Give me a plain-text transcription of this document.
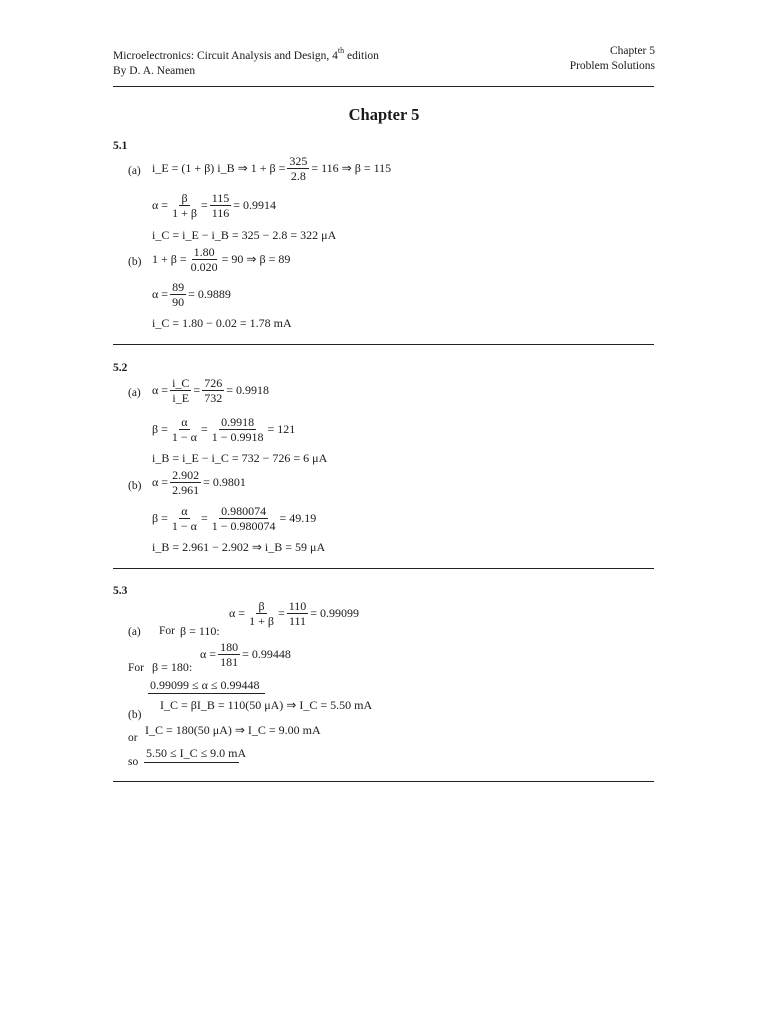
Microelectronics: Circuit Analysis and Design, 4th edition
By D. A. Neamen
Chapter 5
Problem Solutions
Chapter 5
5.1
(a) i_E = (1 + β) i_B ⇒ $1 + \beta = \frac{325}{2.8} = 116$ ⇒ β = 115
$\alpha = \frac{\beta}{1 + \beta} = \frac{115}{116} = 0.9914$
i_C = i_E − i_B = 325 − 2.8 = 322 μA
(b) $1 + \beta = \frac{1.80}{0.020} = 90$ ⇒ β = 89
$\alpha = \frac{89}{90} = 0.9889$
i_C = 1.80 − 0.02 = 1.78 mA
5.2
(a) $\alpha = \frac{i\_C}{i\_E} = \frac{726}{732} = 0.9918$
$\beta = \frac{\alpha}{1 - \alpha} = \frac{0.9918}{1 - 0.9918} = 121$
i_B = i_E − i_C = 732 − 726 = 6 μA
(b) $\alpha = \frac{2.902}{2.961} = 0.9801$
$\beta = \frac{\alpha}{1 - \alpha} = \frac{0.980074}{1 - 0.980074} = 49.19$
i_B = 2.961 − 2.902 ⇒ i_B = 59 μA
5.3
$\alpha = \frac{\beta}{1 + \beta} = \frac{110}{111} = 0.99099$
(a) For β = 110:
For β = 180:
$\alpha = \frac{180}{181} = 0.99448$
0.99099 ≤ α ≤ 0.99448
(b)
I_C = βI_B = 110(50 μA) ⇒ I_C = 5.50 mA
or
I_C = 180(50 μA) ⇒ I_C = 9.00 mA
so
5.50 ≤ I_C ≤ 9.0 mA
